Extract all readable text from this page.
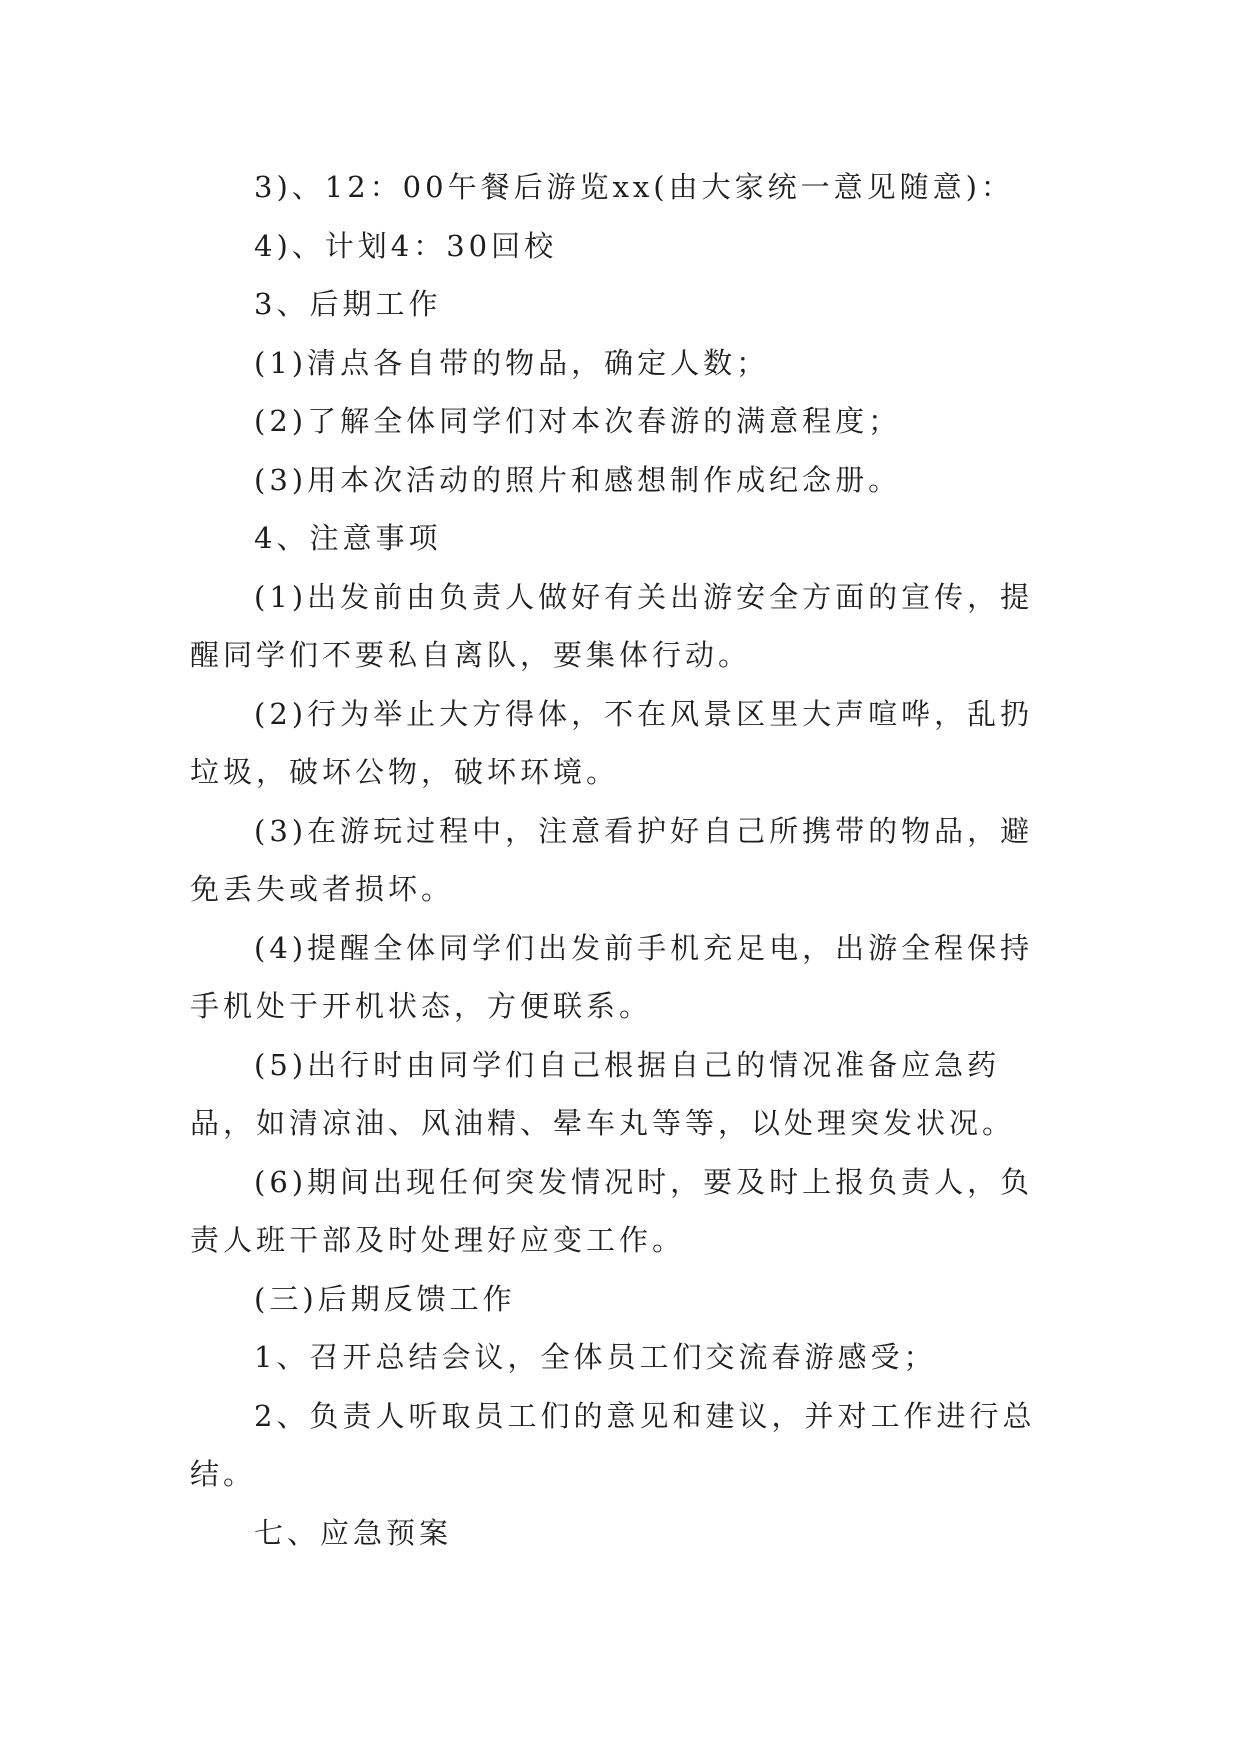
3)、12：00午餐后游览xx(由大家统一意见随意)：

4)、计划4：30回校

3、后期工作

(1)清点各自带的物品，确定人数；

(2)了解全体同学们对本次春游的满意程度；

(3)用本次活动的照片和感想制作成纪念册。

4、注意事项

(1)出发前由负责人做好有关出游安全方面的宣传，提醒同学们不要私自离队，要集体行动。

(2)行为举止大方得体，不在风景区里大声喧哗，乱扔垃圾，破坏公物，破坏环境。

(3)在游玩过程中，注意看护好自己所携带的物品，避免丢失或者损坏。

(4)提醒全体同学们出发前手机充足电，出游全程保持手机处于开机状态，方便联系。

(5)出行时由同学们自己根据自己的情况准备应急药品，如清凉油、风油精、晕车丸等等，以处理突发状况。

(6)期间出现任何突发情况时，要及时上报负责人，负责人班干部及时处理好应变工作。

(三)后期反馈工作

1、召开总结会议，全体员工们交流春游感受；

2、负责人听取员工们的意见和建议，并对工作进行总结。

七、应急预案
